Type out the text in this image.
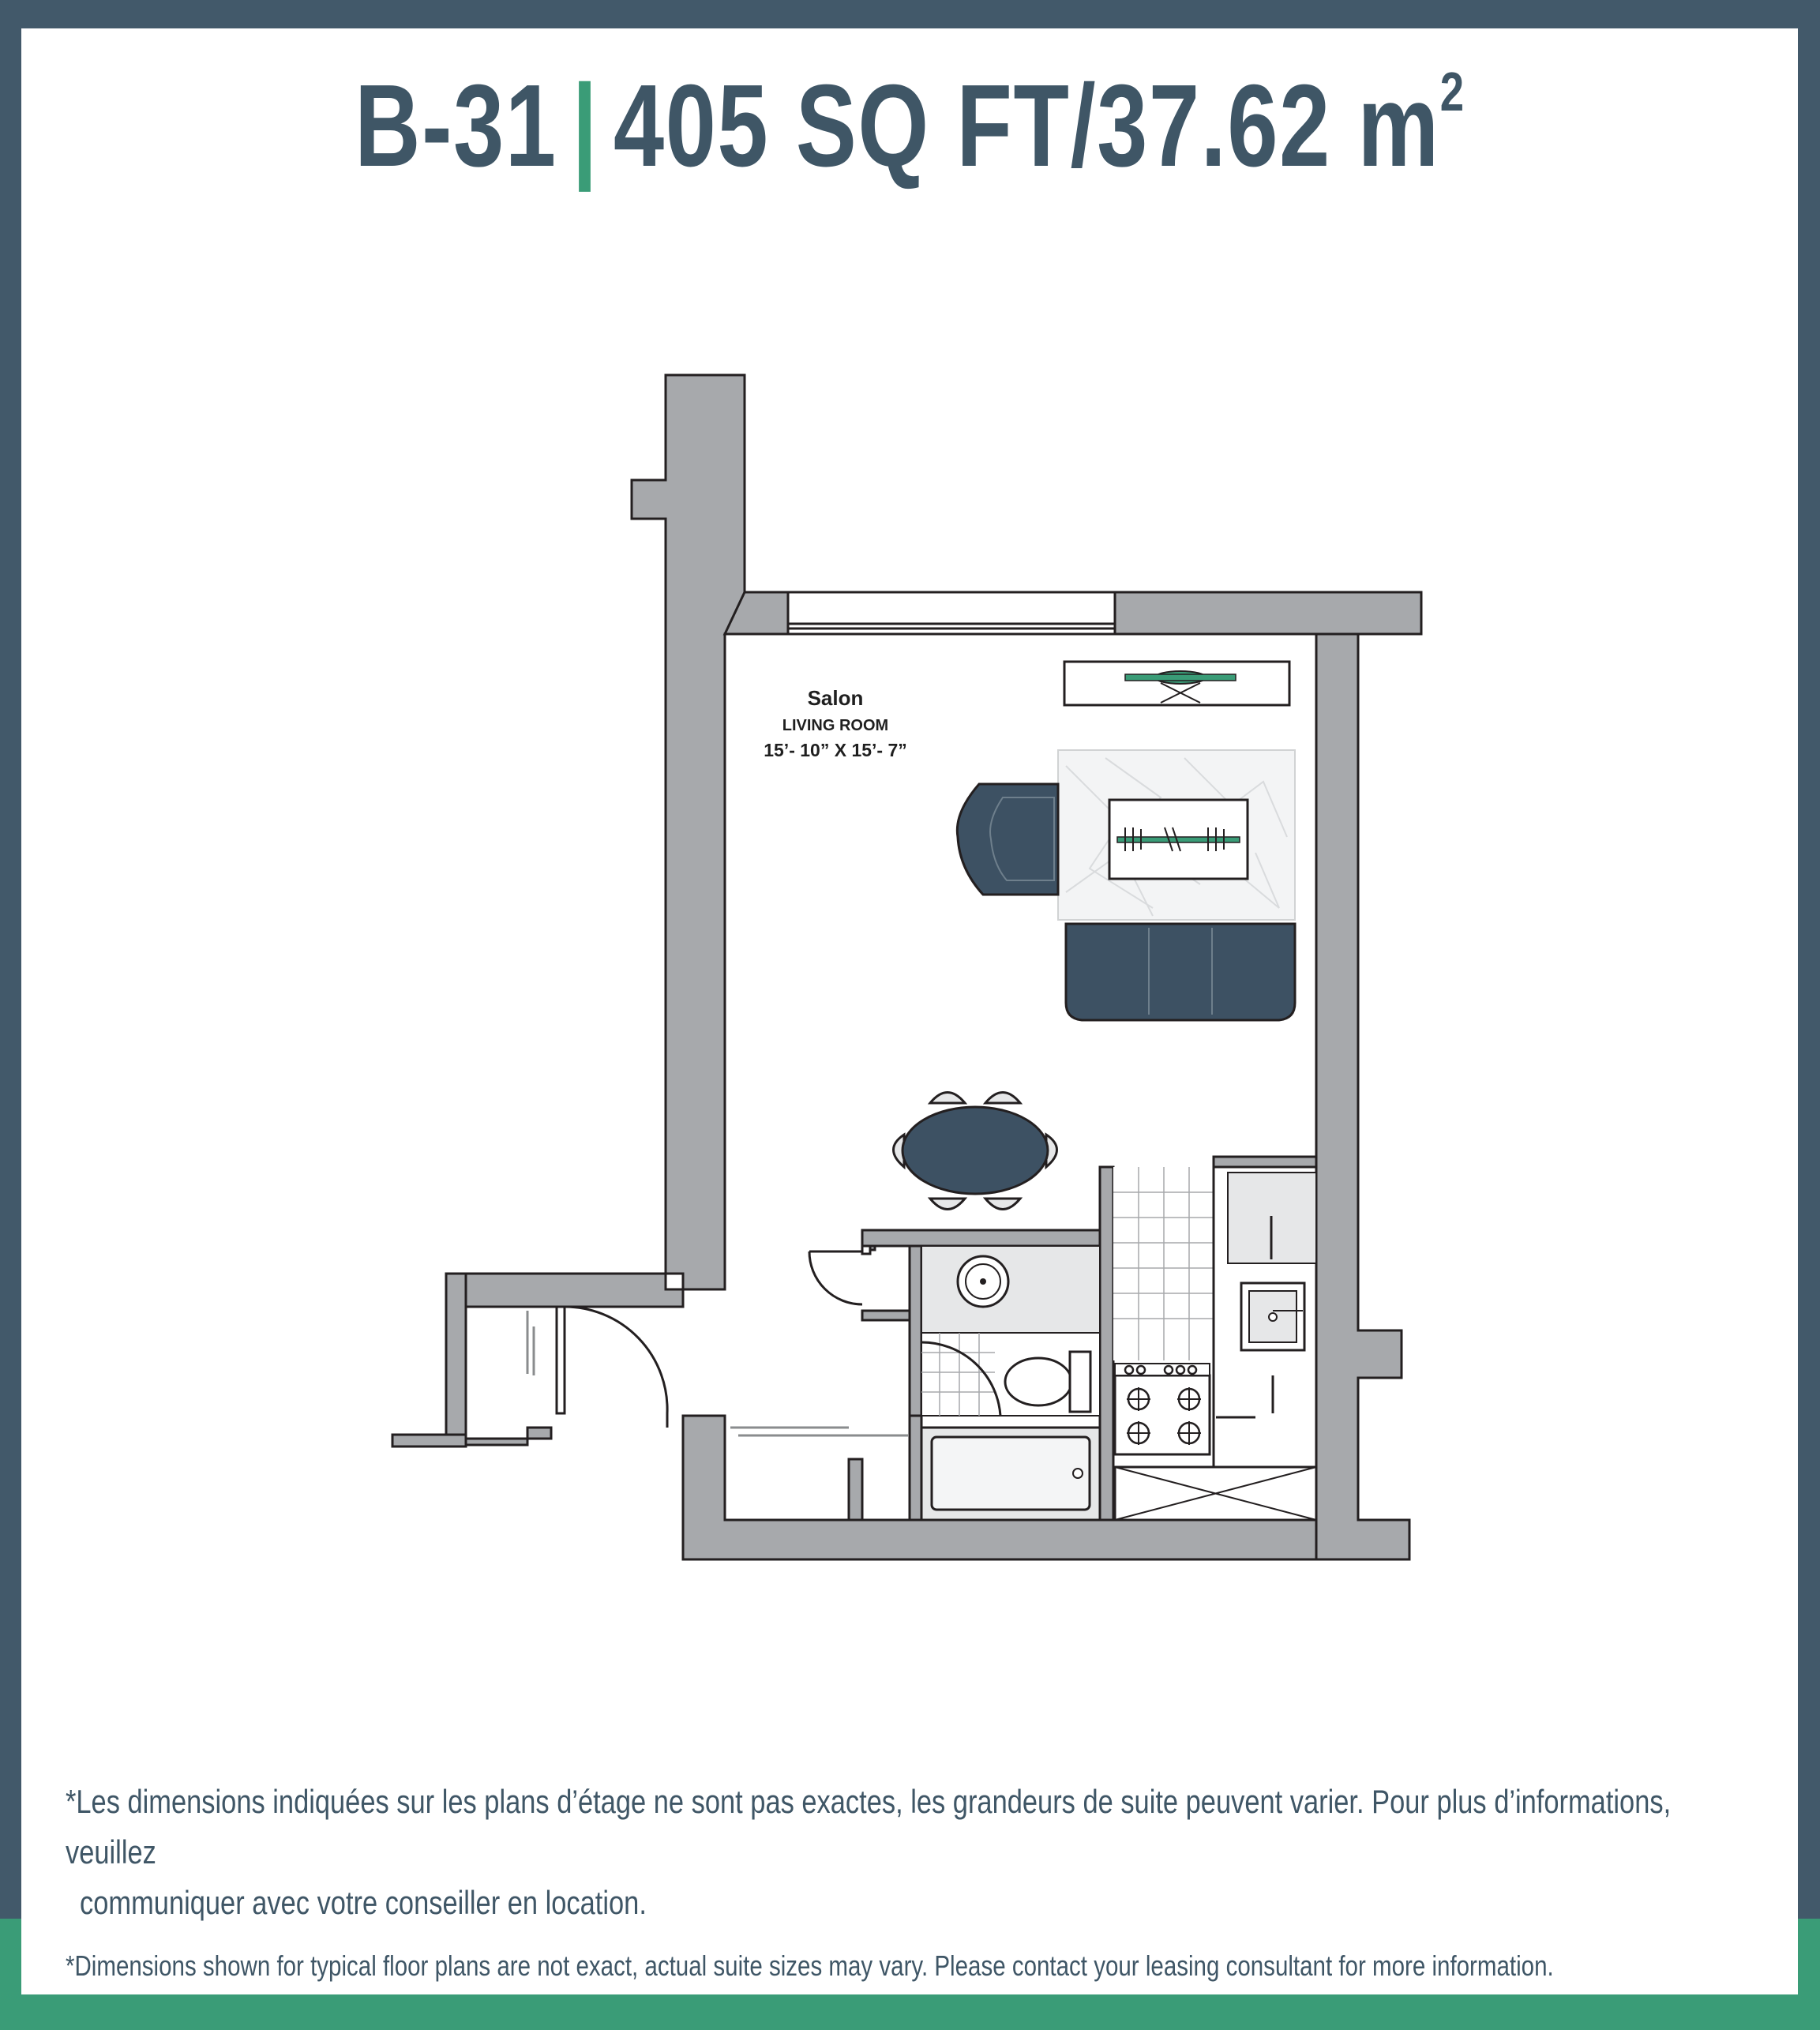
B-31 | 405 SQ FT/37.62 $m^2$
Salon
LIVING ROOM
15’- 10” X 15’- 7”

*Les dimensions indiquées sur les plans d’étage ne sont pas exactes, les grandeurs de suite peuvent varier. Pour plus d’informations, veuillez
communiquer avec votre conseiller en location.

*Dimensions shown for typical floor plans are not exact, actual suite sizes may vary. Please contact your leasing consultant for more information.
